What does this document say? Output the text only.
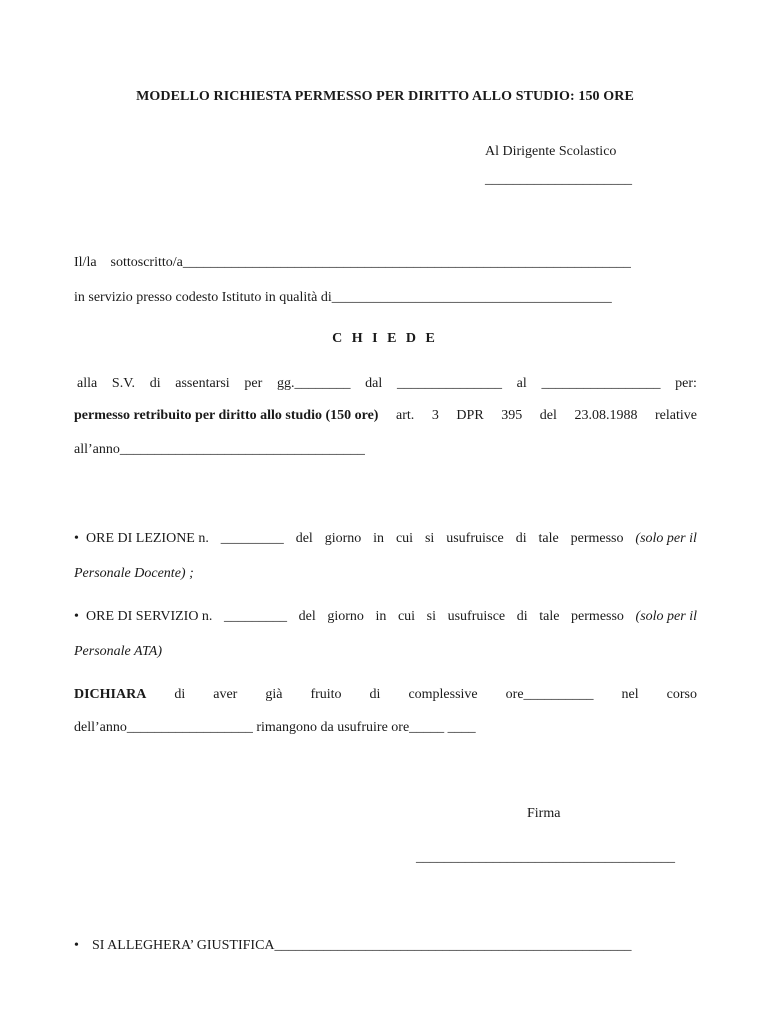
MODELLO RICHIESTA PERMESSO PER DIRITTO ALLO STUDIO: 150 ORE
Al Dirigente Scolastico
_____________________
Il/la sottoscritto/a________________________________________________________________
in servizio presso codesto Istituto in qualità di________________________________________
C H I E D E
alla S.V. di assentarsi per gg.________ dal _______________ al _________________ per:
permesso retribuito per diritto allo studio (150 ore) art. 3 DPR 395 del 23.08.1988 relative
all’anno___________________________________
• ORE DI LEZIONE n. _________ del giorno in cui si usufruisce di tale permesso (solo per il
Personale Docente) ;
• ORE DI SERVIZIO n. _________ del giorno in cui si usufruisce di tale permesso (solo per il
Personale ATA)
DICHIARA di aver già fruito di complessive ore__________ nel corso
dell’anno__________________ rimangono da usufruire ore_____ ____
Firma
_____________________________________
• SI ALLEGHERA’ GIUSTIFICA___________________________________________________
